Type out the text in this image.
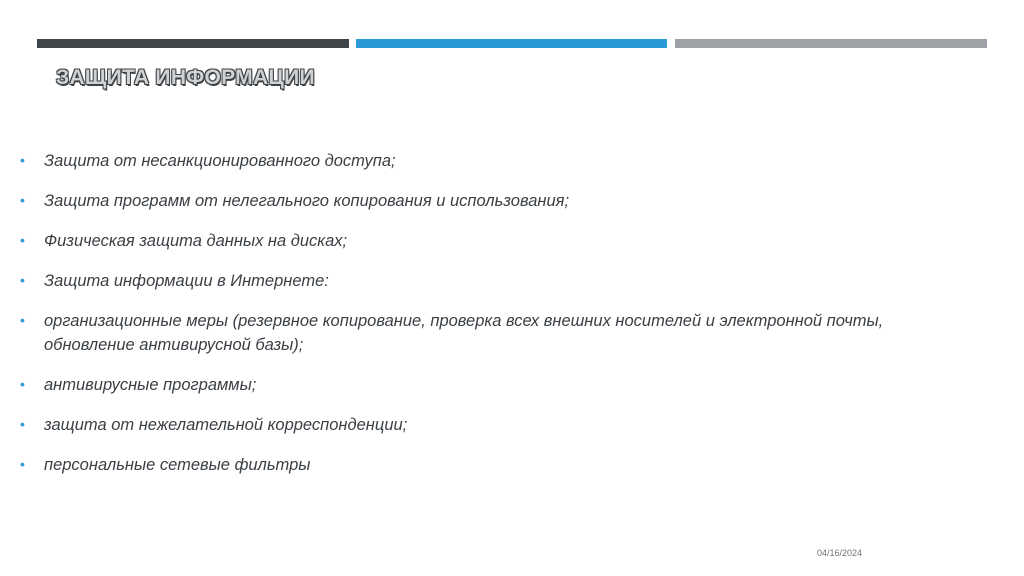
ЗАЩИТА ИНФОРМАЦИИ
• Защита от несанкционированного доступа;
• Защита программ от нелегального копирования и использования;
• Физическая защита данных на дисках;
• Защита информации в Интернете:
• организационные меры (резервное копирование, проверка всех внешних носителей и электронной почты, обновление антивирусной базы);
• антивирусные программы;
• защита от нежелательной корреспонденции;
• персональные сетевые фильтры
04/16/2024
